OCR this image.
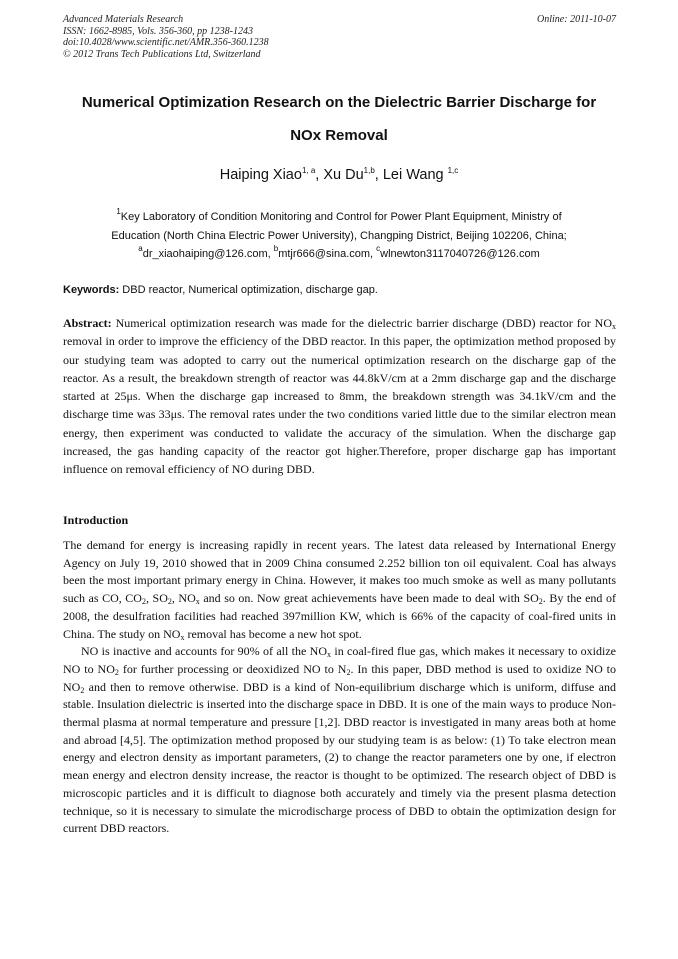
Advanced Materials Research
ISSN: 1662-8985, Vols. 356-360, pp 1238-1243
doi:10.4028/www.scientific.net/AMR.356-360.1238
© 2012 Trans Tech Publications Ltd, Switzerland
Online: 2011-10-07
Numerical Optimization Research on the Dielectric Barrier Discharge for
NOx Removal
Haiping Xiao$^{1, a}$, Xu Du$^{1,b}$, Lei Wang $^{1,c}$
$^1$Key Laboratory of Condition Monitoring and Control for Power Plant Equipment, Ministry of
Education (North China Electric Power University), Changping District, Beijing 102206, China;
$^a$dr_xiaohaiping@126.com, $^b$mtjr666@sina.com, $^c$wlnewton3117040726@126.com
Keywords: DBD reactor, Numerical optimization, discharge gap.
Abstract: Numerical optimization research was made for the dielectric barrier discharge (DBD) reactor for $NO_x$ removal in order to improve the efficiency of the DBD reactor. In this paper, the optimization method proposed by our studying team was adopted to carry out the numerical optimization research on the discharge gap of the reactor. As a result, the breakdown strength of reactor was 44.8kV/cm at a 2mm discharge gap and the discharge started at 25μs. When the discharge gap increased to 8mm, the breakdown strength was 34.1kV/cm and the discharge time was 33μs. The removal rates under the two conditions varied little due to the similar electron mean energy, then experiment was conducted to validate the accuracy of the simulation. When the discharge gap increased, the gas handing capacity of the reactor got higher.Therefore, proper discharge gap has important influence on removal efficiency of NO during DBD.
Introduction

The demand for energy is increasing rapidly in recent years. The latest data released by International Energy Agency on July 19, 2010 showed that in 2009 China consumed 2.252 billion ton oil equivalent. Coal has always been the most important primary energy in China. However, it makes too much smoke as well as many pollutants such as CO, $CO_2$, $SO_2$, $NO_x$ and so on. Now great achievements have been made to deal with $SO_2$. By the end of 2008, the desulfration facilities had reached 397million KW, which is 66% of the capacity of coal-fired units in China. The study on $NO_x$ removal has become a new hot spot.

NO is inactive and accounts for 90% of all the $NO_x$ in coal-fired flue gas, which makes it necessary to oxidize NO to $NO_2$ for further processing or deoxidized NO to $N_2$. In this paper, DBD method is used to oxidize NO to $NO_2$ and then to remove otherwise. DBD is a kind of Non-equilibrium discharge which is uniform, diffuse and stable. Insulation dielectric is inserted into the discharge space in DBD. It is one of the main ways to produce Non-thermal plasma at normal temperature and pressure [1,2]. DBD reactor is investigated in many areas both at home and abroad [4,5]. The optimization method proposed by our studying team is as below: (1) To take electron mean energy and electron density as important parameters, (2) to change the reactor parameters one by one, if electron mean energy and electron density increase, the reactor is thought to be optimized. The research object of DBD is microscopic particles and it is difficult to diagnose both accurately and timely via the present plasma detection technique, so it is necessary to simulate the microdischarge process of DBD to obtain the optimization design for current DBD reactors.
